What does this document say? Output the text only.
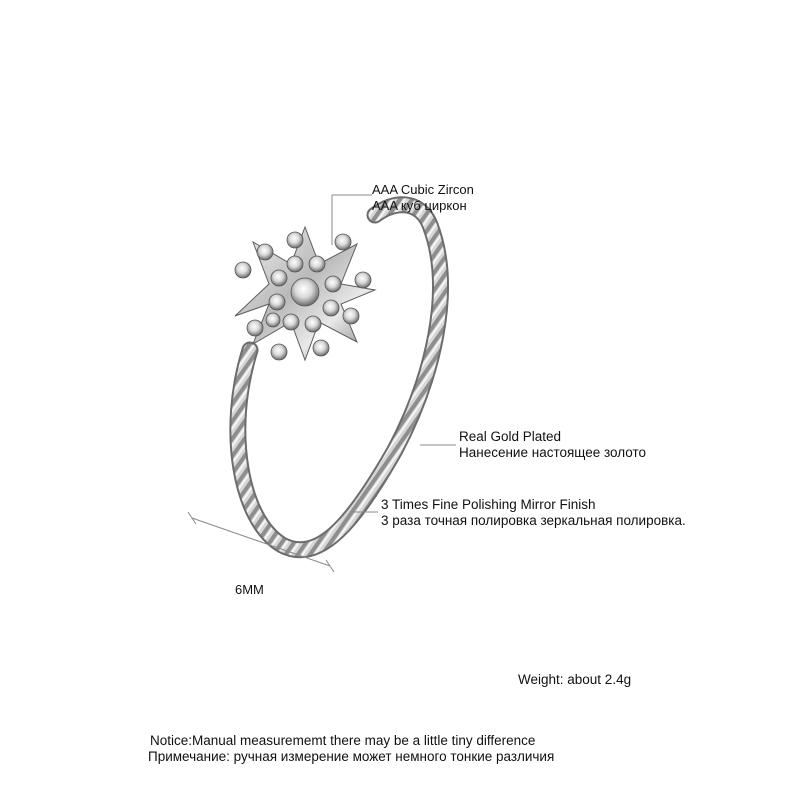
AAA Cubic Zircon
AAA куб циркон
Real Gold Plated
Нанесение настоящее золото
3 Times Fine Polishing Mirror Finish
3 раза точная полировка зеркальная полировка.
6MM
Weight: about 2.4g
Notice:Manual measurememt there may be a little tiny difference
Примечание: ручная измерение может немного тонкие различия
